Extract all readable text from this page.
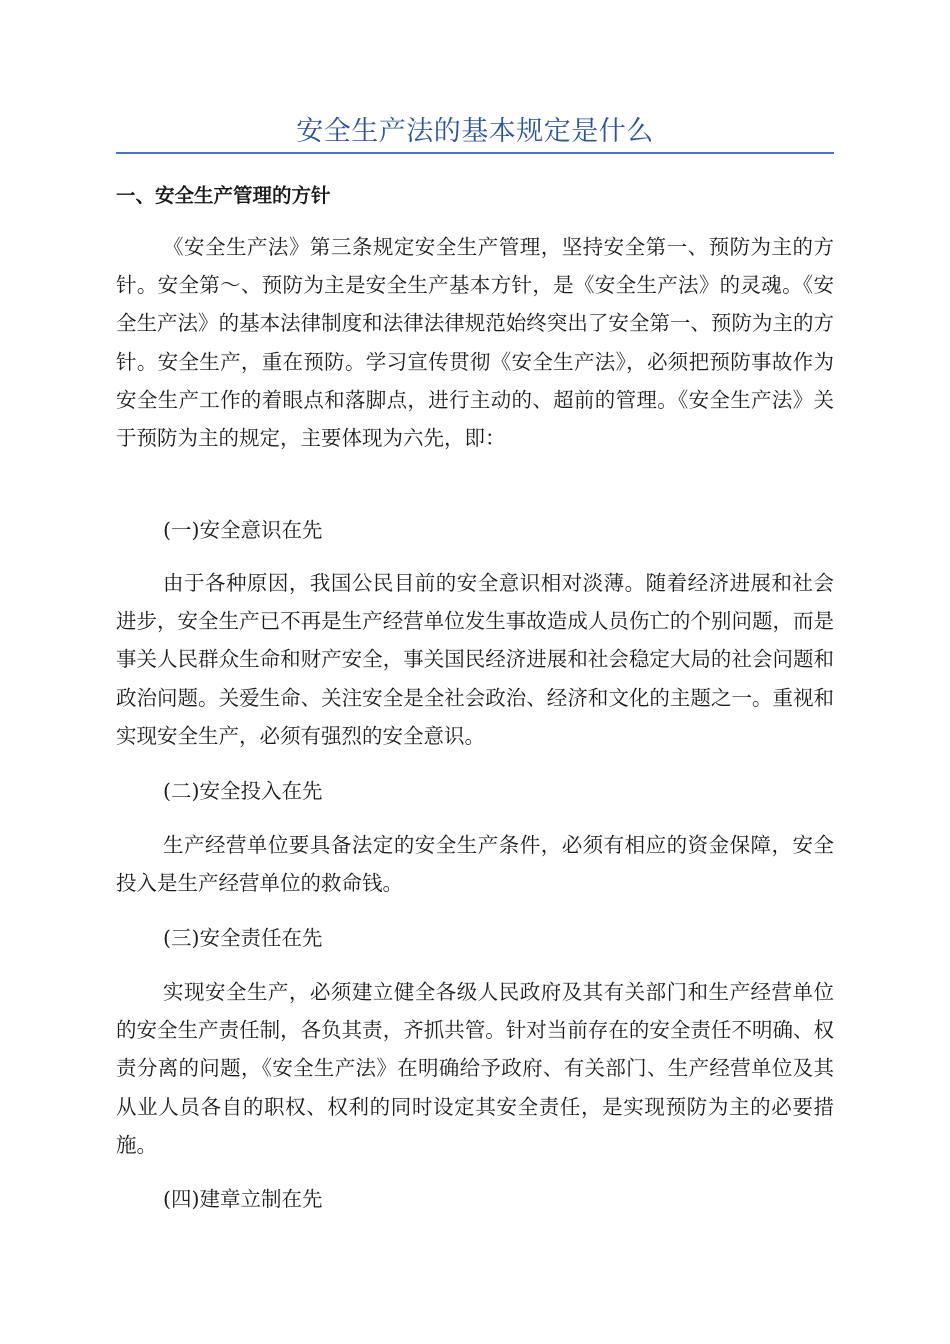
安全生产法的基本规定是什么
一、安全生产管理的方针

《安全生产法》第三条规定安全生产管理，坚持安全第一、预防为主的方针。安全第～、预防为主是安全生产基本方针，是《安全生产法》的灵魂。《安全生产法》的基本法律制度和法律法律规范始终突出了安全第一、预防为主的方针。安全生产，重在预防。学习宣传贯彻《安全生产法》，必须把预防事故作为安全生产工作的着眼点和落脚点，进行主动的、超前的管理。《安全生产法》关于预防为主的规定，主要体现为六先，即：

(一)安全意识在先

由于各种原因，我国公民目前的安全意识相对淡薄。随着经济进展和社会进步，安全生产已不再是生产经营单位发生事故造成人员伤亡的个别问题，而是事关人民群众生命和财产安全，事关国民经济进展和社会稳定大局的社会问题和政治问题。关爱生命、关注安全是全社会政治、经济和文化的主题之一。重视和实现安全生产，必须有强烈的安全意识。

(二)安全投入在先

生产经营单位要具备法定的安全生产条件，必须有相应的资金保障，安全投入是生产经营单位的救命钱。

(三)安全责任在先

实现安全生产，必须建立健全各级人民政府及其有关部门和生产经营单位的安全生产责任制，各负其责，齐抓共管。针对当前存在的安全责任不明确、权责分离的问题，《安全生产法》在明确给予政府、有关部门、生产经营单位及其从业人员各自的职权、权利的同时设定其安全责任，是实现预防为主的必要措施。

(四)建章立制在先
